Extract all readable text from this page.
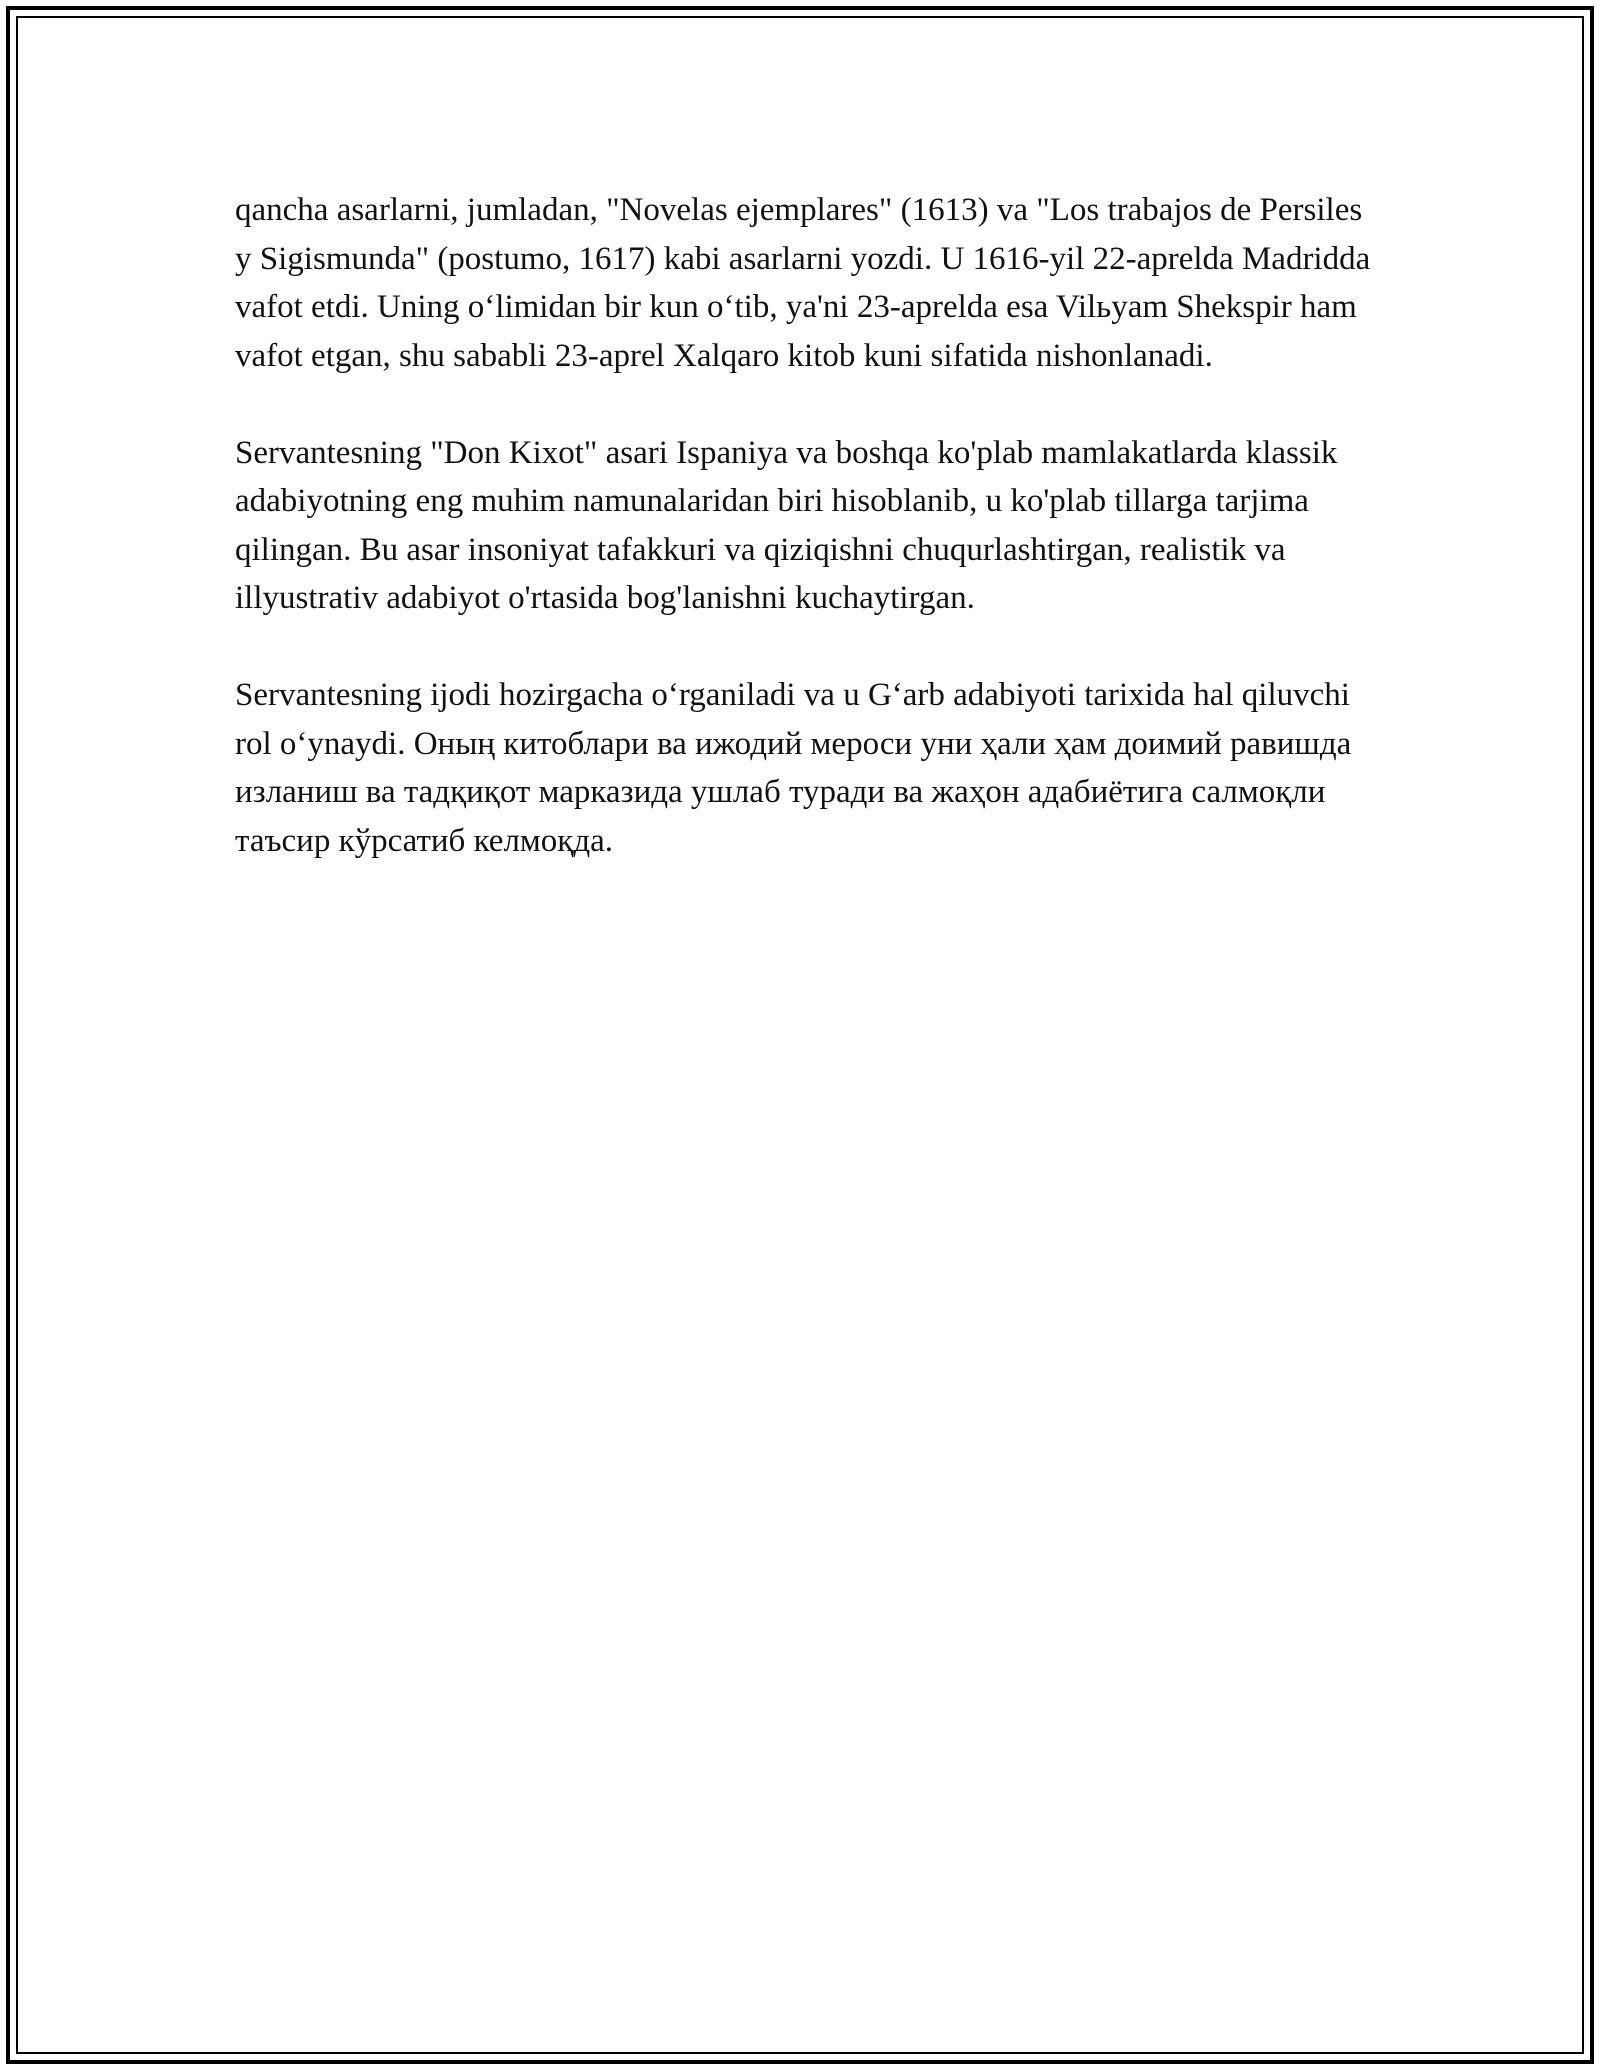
qancha asarlarni, jumladan, "Novelas ejemplares" (1613) va "Los trabajos de Persiles y Sigismunda" (postumo, 1617) kabi asarlarni yozdi. U 1616-yil 22-aprelda Madridda vafot etdi. Uning o‘limidan bir kun o‘tib, ya'ni 23-aprelda esa Vilьyam Shekspir ham vafot etgan, shu sababli 23-aprel Xalqaro kitob kuni sifatida nishonlanadi.

Servantesning "Don Kixot" asari Ispaniya va boshqa ko'plab mamlakatlarda klassik adabiyotning eng muhim namunalaridan biri hisoblanib, u ko'plab tillarga tarjima qilingan. Bu asar insoniyat tafakkuri va qiziqishni chuqurlashtirgan, realistik va illyustrativ adabiyot o'rtasida bog'lanishni kuchaytirgan.

Servantesning ijodi hozirgacha o‘rganiladi va u G‘arb adabiyoti tarixida hal qiluvchi rol o‘ynaydi. Оның китоблари ва ижодий мероси уни ҳали ҳам доимий равишда изланиш ва тадқиқот марказида ушлаб туради ва жаҳон адабиётига салмоқли таъсир кўрсатиб келмоқда.
